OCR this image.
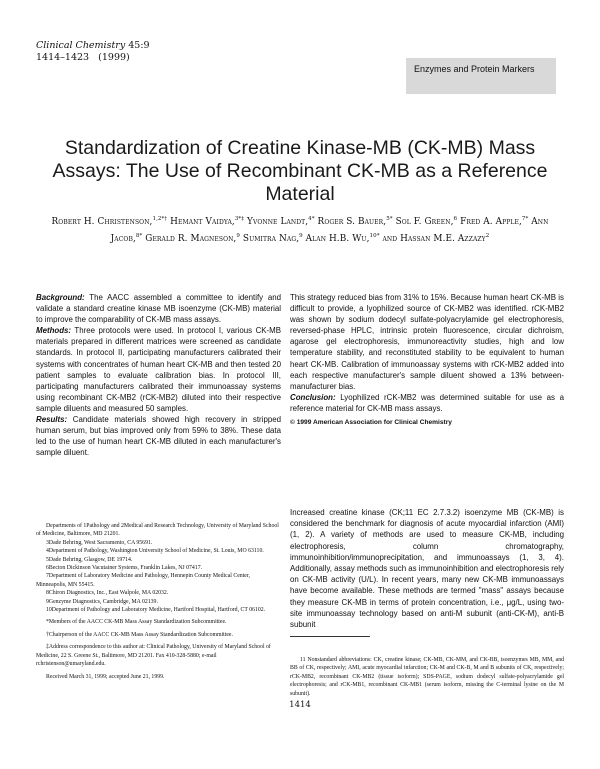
Clinical Chemistry 45:9
1414–1423 (1999)
Enzymes and Protein Markers
Standardization of Creatine Kinase-MB (CK-MB) Mass Assays: The Use of Recombinant CK-MB as a Reference Material
Robert H. Christenson,$^{1,2*\dagger}$ Hemant Vaidya,$^{3*\ddagger}$ Yvonne Landt,$^{4*}$ Roger S. Bauer,$^{5*}$ Sol F. Green,$^6$ Fred A. Apple,$^{7*}$ Ann Jacob,$^{8*}$ Gerald R. Magneson,$^9$ Sumitra Nag,$^9$ Alan H.B. Wu,$^{10*}$ and Hassan M.E. Azzazy$^2$

Background: The AACC assembled a committee to identify and validate a standard creatine kinase MB isoenzyme (CK-MB) material to improve the comparability of CK-MB mass assays.

Methods: Three protocols were used. In protocol I, various CK-MB materials prepared in different matrices were screened as candidate standards. In protocol II, participating manufacturers calibrated their systems with concentrates of human heart CK-MB and then tested 20 patient samples to evaluate calibration bias. In protocol III, participating manufacturers calibrated their immunoassay systems using recombinant CK-MB2 (rCK-MB2) diluted into their respective sample diluents and measured 50 samples.

Results: Candidate materials showed high recovery in stripped human serum, but bias improved only from 59% to 38%. These data led to the use of human heart CK-MB diluted in each manufacturer's sample diluent.

This strategy reduced bias from 31% to 15%. Because human heart CK-MB is difficult to provide, a lyophilized source of CK-MB2 was identified. rCK-MB2 was shown by sodium dodecyl sulfate-polyacrylamide gel electrophoresis, reversed-phase HPLC, intrinsic protein fluorescence, circular dichroism, agarose gel electrophoresis, immunoreactivity studies, high and low temperature stability, and reconstituted stability to be equivalent to human heart CK-MB. Calibration of immunoassay systems with rCK-MB2 added into each respective manufacturer's sample diluent showed a 13% between-manufacturer bias.

Conclusion: Lyophilized rCK-MB2 was determined suitable for use as a reference material for CK-MB mass assays.

© 1999 American Association for Clinical Chemistry
Increased creatine kinase (CK;11 EC 2.7.3.2) isoenzyme MB (CK-MB) is considered the benchmark for diagnosis of acute myocardial infarction (AMI) (1, 2). A variety of methods are used to measure CK-MB, including electrophoresis, column chromatography, immunoinhibition/immunoprecipitation, and immunoassays (1, 3, 4). Additionally, assay methods such as immunoinhibition and electrophoresis rely on CK-MB activity (U/L). In recent years, many new CK-MB immunoassays have become available. These methods are termed "mass" assays because they measure CK-MB in terms of protein concentration, i.e., μg/L, using two-site immunoassay technology based on anti-M subunit (anti-CK-M), anti-B subunit

Departments of 1Pathology and 2Medical and Research Technology, University of Maryland School of Medicine, Baltimore, MD 21201.

3Dade Behring, West Sacramento, CA 95691.

4Department of Pathology, Washington University School of Medicine, St. Louis, MO 63110.

5Dade Behring, Glasgow, DE 19714.

6Becton Dickinson Vacutainer Systems, Franklin Lakes, NJ 07417.

7Department of Laboratory Medicine and Pathology, Hennepin County Medical Center, Minneapolis, MN 55415.

8Chiron Diagnostics, Inc., East Walpole, MA 02032.

9Genzyme Diagnostics, Cambridge, MA 02139.

10Department of Pathology and Laboratory Medicine, Hartford Hospital, Hartford, CT 06102.

*Members of the AACC CK-MB Mass Assay Standardization Subcommittee.

†Chairperson of the AACC CK-MB Mass Assay Standardization Subcommittee.

‡Address correspondence to this author at: Clinical Pathology, University of Maryland School of Medicine, 22 S. Greene St., Baltimore, MD 21201. Fax 410-328-5880; e-mail rchristenson@umaryland.edu.

Received March 31, 1999; accepted June 21, 1999.

11 Nonstandard abbreviations: CK, creatine kinase; CK-MB, CK-MM, and CK-BB, isoenzymes MB, MM, and BB of CK, respectively; AMI, acute myocardial infarction; CK-M and CK-B, M and B subunits of CK, respectively; rCK-MB2, recombinant CK-MB2 (tissue isoform); SDS-PAGE, sodium dodecyl sulfate-polyacrylamide gel electrophoresis; and rCK-MB1, recombinant CK-MB1 (serum isoform, missing the C-terminal lysine on the M subunit).

1414
